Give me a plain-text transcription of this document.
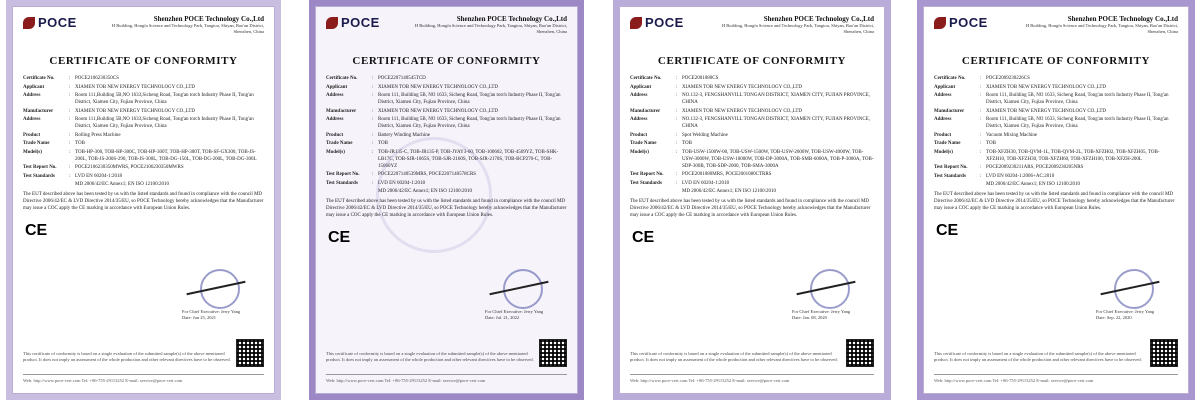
POCE	Shenzhen POCE Technology Co.,Ltd
H Building, Hongfa Science and Technology Park, Tangtou, Shiyan, Bao'an District, Shenzhen, China
CERTIFICATE OF CONFORMITY
Certificate No.	: POCE2106230350CS
Applicant	: XIAMEN TOB NEW ENERGY TECHNOLOGY CO.,LTD
Address	: Room 111,Building 5B,NO 1633,Sicheng Road, Tong'an torch Industry Phase II, Tong'an District, Xiamen City, Fujian Province, China
Manufacturer	: XIAMEN TOB NEW ENERGY TECHNOLOGY CO.,LTD
Address	: Room 111,Building 5B,NO 1633,Sicheng Road, Tong'an torch Industry Phase II, Tong'an District, Xiamen City, Fujian Province, China
Product	: Rolling Press Machine
Trade Name	: TOB
Model(s)	: TOB-HP-300, TOB-HP-300C, TOB-HP-300T, TOB-HP-300T, TOB-SF-GX300, TOB-JS-200L, TOB-JS-200S-290, TOB-JS-300L, TOB-DG-150L, TOB-DG-200L, TOB-DG-300L
Test Report No.	: POCE2106230350MWRS, POCE2106230350MWRS
Test Standards	: LVD EN 60204-1:2018
MD 2006/42/EC Annex1; EN ISO 12100:2010
The EUT described above has been tested by us with the listed standards and found in compliance with the council MD Directive 2006/42/EC & LVD Directive 2014/35/EU, so POCE Technology hereby acknowledges that the Manufacturer may issue a COC apply the CE marking in accordance with European Union Rules.
CE
For Chief Executive: Jerry Yang
Date: Jun 25, 2021
This certificate of conformity is based on a single evaluation of the submitted sample(s) of the above mentioned product. It does not imply an assessment of the whole production and other relevant directives have to be observed.
Web: http://www.poce-cert.com Tel: +86-755-29113252 E-mail: service@poce-cert.com
POCE	Shenzhen POCE Technology Co.,Ltd
H Building, Hongfa Science and Technology Park, Tangtou, Shiyan, Bao'an District, Shenzhen, China
CERTIFICATE OF CONFORMITY
Certificate No.	: POCE2207140545TCD
Applicant	: XIAMEN TOB NEW ENERGY TECHNOLOGY CO.,LTD
Address	: Room 111, Building 5B, NO 1633, Sicheng Road, Tong'an torch Industry Phase II, Tong'an District, Xiamen City, Fujian Province, China
Manufacturer	: XIAMEN TOB NEW ENERGY TECHNOLOGY CO.,LTD
Address	: Room 111, Building 5B, NO 1633, Sicheng Road, Tong'an torch Industry Phase II, Tong'an District, Xiamen City, Fujian Province, China
Product	: Battery Winding Machine
Trade Name	: TOB
Model(s)	: TOB-JR135-C, TOB-JR135-P, TOB-JYAY3-60, TOB-100602, TOB-4509YZ, TOB-SHK-LB17C, TOB-SJR-1065S, TOB-SJR-2160S, TOB-SJR-2170S, TOB-BCP270-C, TOB-15060YZ
Test Report No.	: POCE2207140539MRS, POCE2207140578CRS
Test Standards	: LVD EN 60204-1:2018
MD 2006/42/EC Annex1; EN ISO 12100:2010
The EUT described above has been tested by us with the listed standards and found in compliance with the council MD Directive 2006/42/EC & LVD Directive 2014/35/EU, so POCE Technology hereby acknowledges that the Manufacturer may issue a COC apply the CE marking in accordance with European Union Rules.
CE
For Chief Executive: Jerry Yang
Date: Jul. 21, 2022
This certificate of conformity is based on a single evaluation of the submitted sample(s) of the above mentioned product. It does not imply an assessment of the whole production and other relevant directives have to be observed.
Web: http://www.poce-cert.com Tel: +86-755-29113252 E-mail: service@poce-cert.com
POCE	Shenzhen POCE Technology Co.,Ltd
H Building, Hongfa Science and Technology Park, Tangtou, Shiyan, Bao'an District, Shenzhen, China
CERTIFICATE OF CONFORMITY
Certificate No.	: POCE2001080CS
Applicant	: XIAMEN TOB NEW ENERGY TECHNOLOGY CO.,LTD
Address	: NO.132-3, FENGSHANVILL TONGAN DISTRICT, XIAMEN CITY, FUJIAN PROVINCE, CHINA
Manufacturer	: XIAMEN TOB NEW ENERGY TECHNOLOGY CO.,LTD
Address	: NO.132-3, FENGSHANVILL TONGAN DISTRICT, XIAMEN CITY, FUJIAN PROVINCE, CHINA
Product	: Spot Welding Machine
Trade Name	: TOB
Model(s)	: TOB-USW-1500W-00, TOB-USW-1500W, TOB-USW-2600W, TOB-USW-4000W, TOB-USW-3000W, TOB-USW-10000W, TOB-DP-3000A, TOB-SMB-6000A, TOB-P-3000A, TOB-SDP-300B, TOB-SDP-2000, TOB-SMA-3000A
Test Report No.	: POCE2001080MRS, POCE2001080CTRRS
Test Standards	: LVD EN 60204-1:2018
MD 2006/42/EC Annex1; EN ISO 12100:2010
The EUT described above has been tested by us with the listed standards and found in compliance with the council MD Directive 2006/42/EC & LVD Directive 2014/35/EU, so POCE Technology hereby acknowledges that the Manufacturer may issue a COC apply the CE marking in accordance with European Union Rules.
CE
For Chief Executive: Jerry Yang
Date: Jan. 08, 2020
This certificate of conformity is based on a single evaluation of the submitted sample(s) of the above mentioned product. It does not imply an assessment of the whole production and other relevant directives have to be observed.
Web: http://www.poce-cert.com Tel: +86-755-29113252 E-mail: service@poce-cert.com
POCE	Shenzhen POCE Technology Co.,Ltd
H Building, Hongfa Science and Technology Park, Tangtou, Shiyan, Bao'an District, Shenzhen, China
CERTIFICATE OF CONFORMITY
Certificate No.	: POCE2009230226CS
Applicant	: XIAMEN TOB NEW ENERGY TECHNOLOGY CO.,LTD
Address	: Room 111, Building 5B, NO 1633, Sicheng Road, Tong'an torch Industry Phase II, Tong'an District, Xiamen City, Fujian Province, China
Manufacturer	: XIAMEN TOB NEW ENERGY TECHNOLOGY CO.,LTD
Address	: Room 111, Building 5B, NO 1633, Sicheng Road, Tong'an torch Industry Phase II, Tong'an District, Xiamen City, Fujian Province, China
Product	: Vacuum Mixing Machine
Trade Name	: TOB
Model(s)	: TOB-XFZH30, TOB-QVM-1L, TOB-QVM-2L, TOB-XFZH02, TOB-XFZH05, TOB-XFZH10, TOB-XFZH30, TOB-XFZH60, TOB-XFZH100, TOB-XFZH-200L
Test Report No.	: POCE2009230211ARS, POCE2009230205NRS
Test Standards	: LVD EN 60204-1:2006+AC:2010
MD 2006/42/EC Annex1; EN ISO 12100:2010
The EUT described above has been tested by us with the listed standards and found in compliance with the council MD Directive 2006/42/EC & LVD Directive 2014/35/EU, so POCE Technology hereby acknowledges that the Manufacturer may issue a COC apply the CE marking in accordance with European Union Rules.
CE
For Chief Executive: Jerry Yang
Date: Sep. 22, 2020
This certificate of conformity is based on a single evaluation of the submitted sample(s) of the above mentioned product. It does not imply an assessment of the whole production and other relevant directives have to be observed.
Web: http://www.poce-cert.com Tel: +86-755-29113252 E-mail: service@poce-cert.com
